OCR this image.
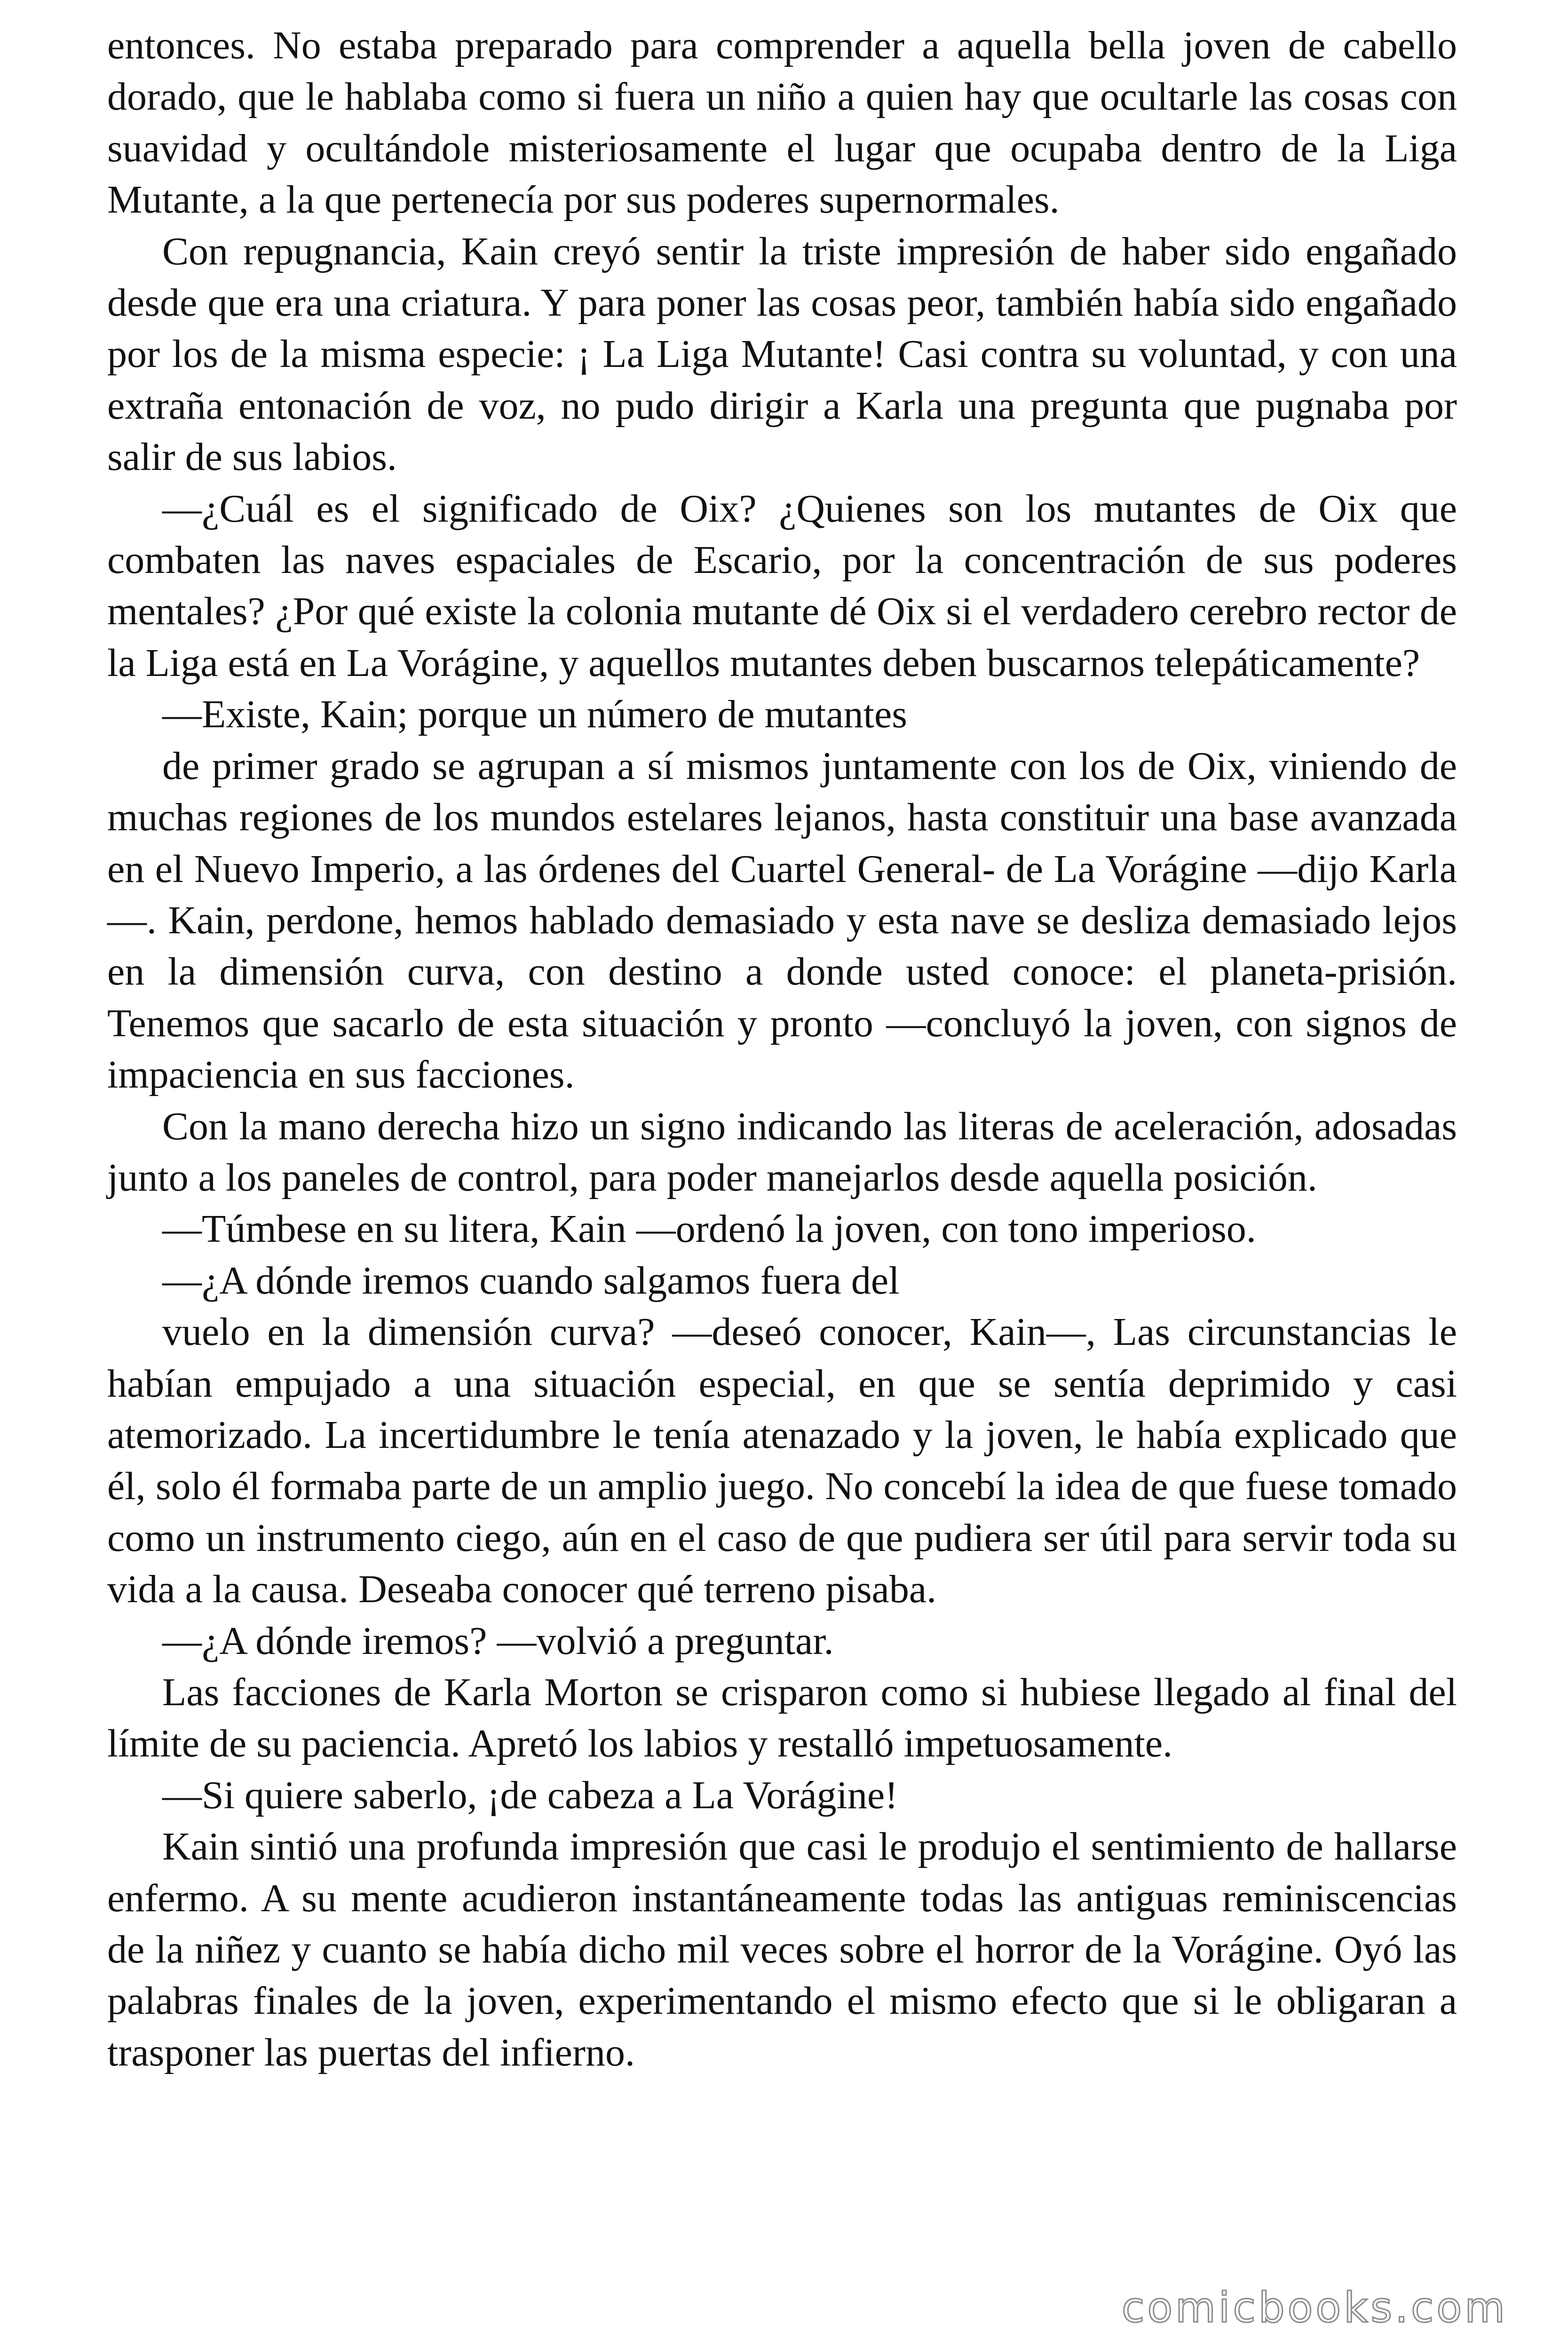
entonces. No estaba preparado para comprender a aquella bella joven de cabello dorado, que le hablaba como si fuera un niño a quien hay que ocultarle las cosas con suavidad y ocultándole misteriosamente el lugar que ocupaba dentro de la Liga Mutante, a la que pertenecía por sus poderes supernormales.

Con repugnancia, Kain creyó sentir la triste impresión de haber sido engañado desde que era una criatura. Y para poner las cosas peor, también había sido engañado por los de la misma especie: ¡ La Liga Mutante! Casi contra su voluntad, y con una extraña entonación de voz, no pudo dirigir a Karla una pregunta que pugnaba por salir de sus labios.

—¿Cuál es el significado de Oix? ¿Quienes son los mutantes de Oix que combaten las naves espaciales de Escario, por la concentración de sus poderes mentales? ¿Por qué existe la colonia mutante dé Oix si el verdadero cerebro rector de la Liga está en La Vorágine, y aquellos mutantes deben buscarnos telepáticamente?

—Existe, Kain; porque un número de mutantes

de primer grado se agrupan a sí mismos juntamente con los de Oix, viniendo de muchas regiones de los mundos estelares lejanos, hasta constituir una base avanzada en el Nuevo Imperio, a las órdenes del Cuartel General- de La Vorágine —dijo Karla—. Kain, perdone, hemos hablado demasiado y esta nave se desliza demasiado lejos en la dimensión curva, con destino a donde usted conoce: el planeta-prisión. Tenemos que sacarlo de esta situación y pronto —concluyó la joven, con signos de impaciencia en sus facciones.

Con la mano derecha hizo un signo indicando las literas de aceleración, adosadas junto a los paneles de control, para poder manejarlos desde aquella posición.

—Túmbese en su litera, Kain —ordenó la joven, con tono imperioso.

—¿A dónde iremos cuando salgamos fuera del

vuelo en la dimensión curva? —deseó conocer, Kain—, Las circunstancias le habían empujado a una situación especial, en que se sentía deprimido y casi atemorizado. La incertidumbre le tenía atenazado y la joven, le había explicado que él, solo él formaba parte de un amplio juego. No concebí la idea de que fuese tomado como un instrumento ciego, aún en el caso de que pudiera ser útil para servir toda su vida a la causa. Deseaba conocer qué terreno pisaba.

—¿A dónde iremos? —volvió a preguntar.

Las facciones de Karla Morton se crisparon como si hubiese llegado al final del límite de su paciencia. Apretó los labios y restalló impetuosamente.

—Si quiere saberlo, ¡de cabeza a La Vorágine!

Kain sintió una profunda impresión que casi le produjo el sentimiento de hallarse enfermo. A su mente acudieron instantáneamente todas las antiguas reminiscencias de la niñez y cuanto se había dicho mil veces sobre el horror de la Vorágine. Oyó las palabras finales de la joven, experimentando el mismo efecto que si le obligaran a trasponer las puertas del infierno.

comicbooks.com
